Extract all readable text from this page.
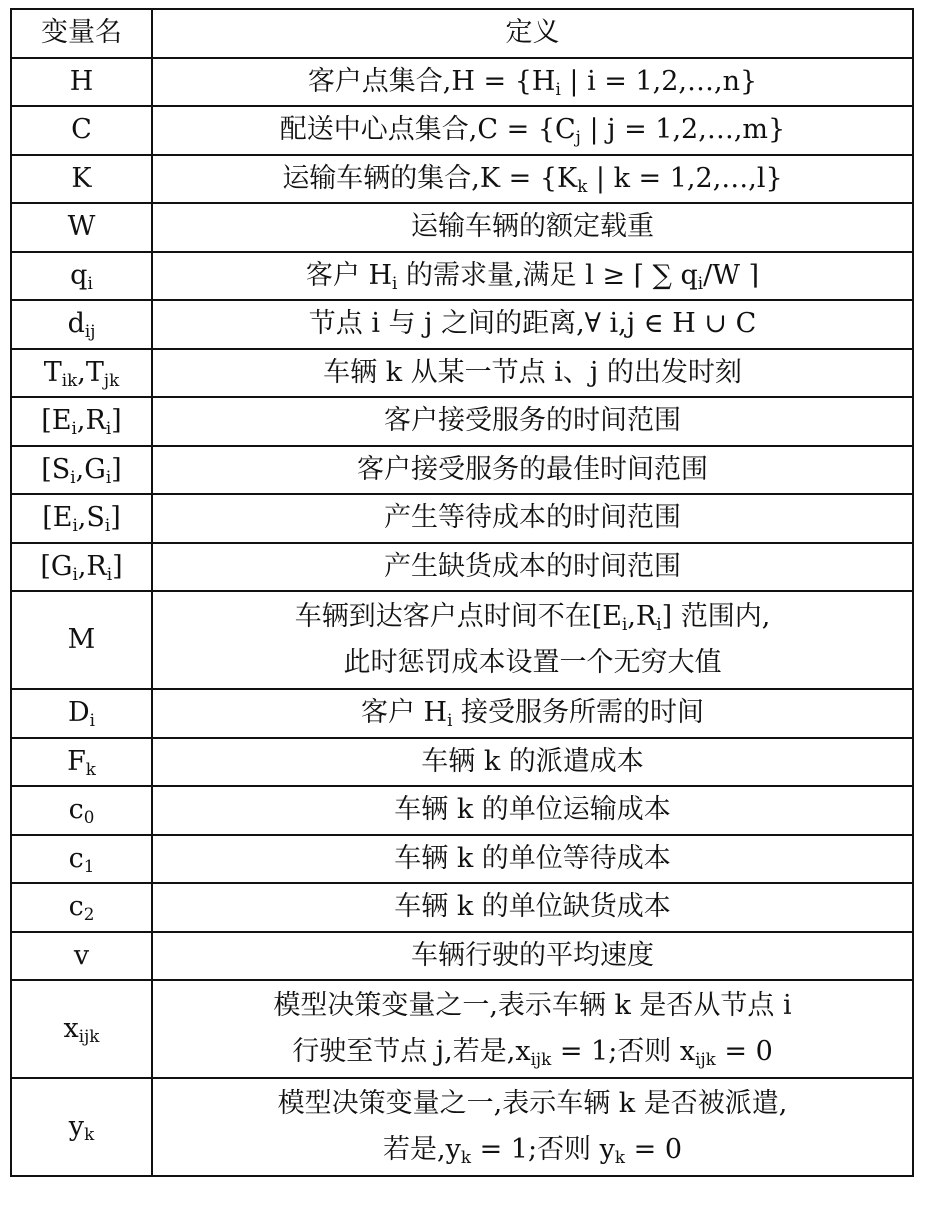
变量名	定义
H	客户点集合$,H = \{H_i$ | i = 1,2,…,n}
C	配送中心点集合$,C = \{C_j$ | j = 1,2,…,m}
K	运输车辆的集合$,K = \{K_k$ | k = 1,2,…,l}
W	运输车辆的额定载重
$q_i$	客户 $H_i$ 的需求量,满足 l ≥ ⌈ ∑ $q_i/W$ ⌉
$d_{ij}$	节点 i 与 j 之间的距离,∀ i,j ∈ H ∪ C
$T_{ik},T_{jk}$	车辆 k 从某一节点 i、j 的出发时刻
$[E_i,R_i]$	客户接受服务的时间范围
$[S_i,G_i]$	客户接受服务的最佳时间范围
$[E_i,S_i]$	产生等待成本的时间范围
$[G_i,R_i]$	产生缺货成本的时间范围
M	车辆到达客户点时间不在$[E_i,R_i]$ 范围内,
此时惩罚成本设置一个无穷大值

$D_i$	客户 $H_i$ 接受服务所需的时间
$F_k$	车辆 k 的派遣成本
$c_0$	车辆 k 的单位运输成本
$c_1$	车辆 k 的单位等待成本
$c_2$	车辆 k 的单位缺货成本
v	车辆行驶的平均速度
$x_{ijk}$	模型决策变量之一,表示车辆 k 是否从节点 i
行驶至节点 j,若是$,x_{ijk} = 1$;否则 $x_{ijk} = 0$

$y_k$	模型决策变量之一,表示车辆 k 是否被派遣,
若是$,y_k = 1$;否则 $y_k = 0$
